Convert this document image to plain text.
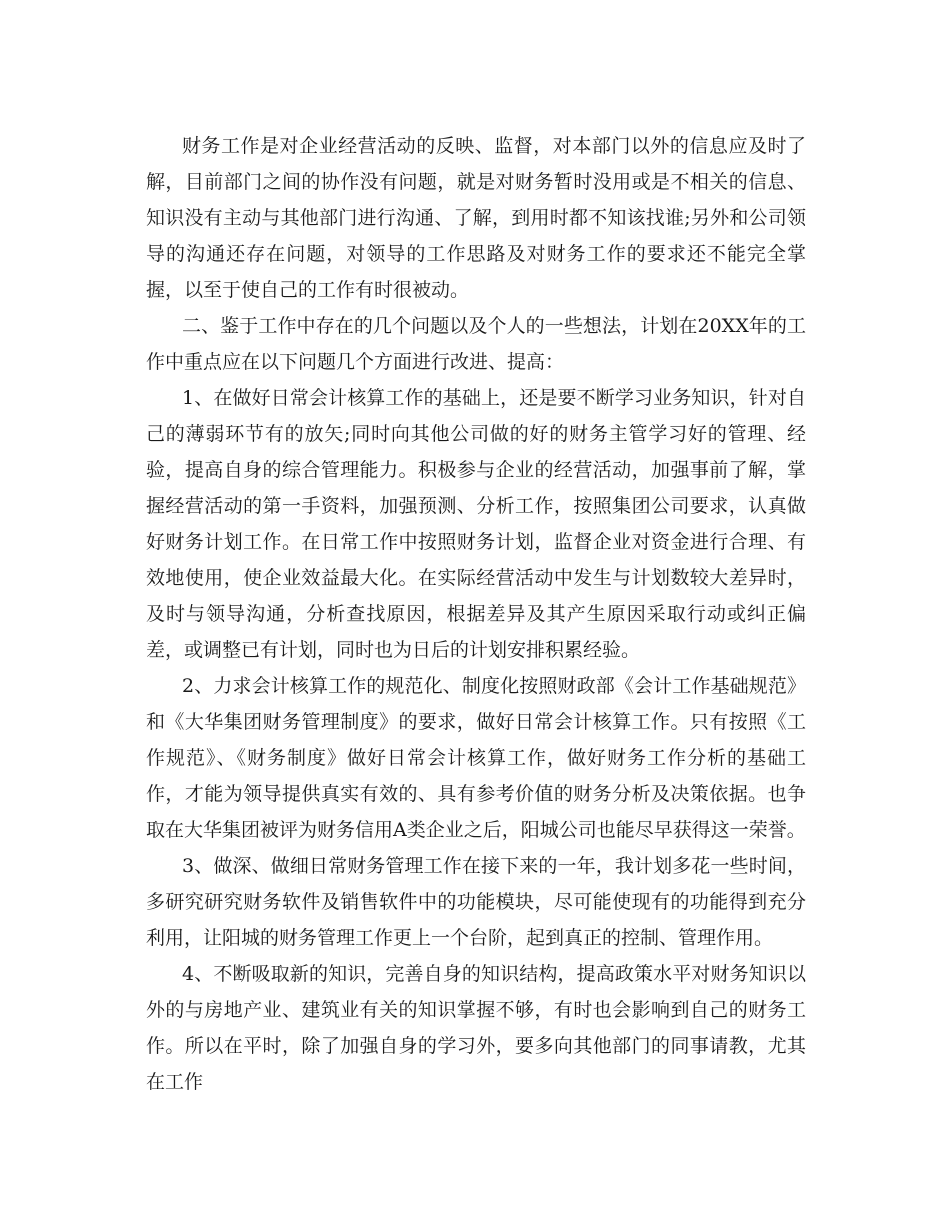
财务工作是对企业经营活动的反映、监督，对本部门以外的信息应及时了解，目前部门之间的协作没有问题，就是对财务暂时没用或是不相关的信息、知识没有主动与其他部门进行沟通、了解，到用时都不知该找谁;另外和公司领导的沟通还存在问题，对领导的工作思路及对财务工作的要求还不能完全掌握，以至于使自己的工作有时很被动。

二、鉴于工作中存在的几个问题以及个人的一些想法，计划在20XX年的工作中重点应在以下问题几个方面进行改进、提高：

1、在做好日常会计核算工作的基础上，还是要不断学习业务知识，针对自己的薄弱环节有的放矢;同时向其他公司做的好的财务主管学习好的管理、经验，提高自身的综合管理能力。积极参与企业的经营活动，加强事前了解，掌握经营活动的第一手资料，加强预测、分析工作，按照集团公司要求，认真做好财务计划工作。在日常工作中按照财务计划，监督企业对资金进行合理、有效地使用，使企业效益最大化。在实际经营活动中发生与计划数较大差异时，及时与领导沟通，分析查找原因，根据差异及其产生原因采取行动或纠正偏差，或调整已有计划，同时也为日后的计划安排积累经验。

2、力求会计核算工作的规范化、制度化按照财政部《会计工作基础规范》和《大华集团财务管理制度》的要求，做好日常会计核算工作。只有按照《工作规范》、《财务制度》做好日常会计核算工作，做好财务工作分析的基础工作，才能为领导提供真实有效的、具有参考价值的财务分析及决策依据。也争取在大华集团被评为财务信用A类企业之后，阳城公司也能尽早获得这一荣誉。

3、做深、做细日常财务管理工作在接下来的一年，我计划多花一些时间，多研究研究财务软件及销售软件中的功能模块，尽可能使现有的功能得到充分利用，让阳城的财务管理工作更上一个台阶，起到真正的控制、管理作用。

4、不断吸取新的知识，完善自身的知识结构，提高政策水平对财务知识以外的与房地产业、建筑业有关的知识掌握不够，有时也会影响到自己的财务工作。所以在平时，除了加强自身的学习外，要多向其他部门的同事请教，尤其在工作
